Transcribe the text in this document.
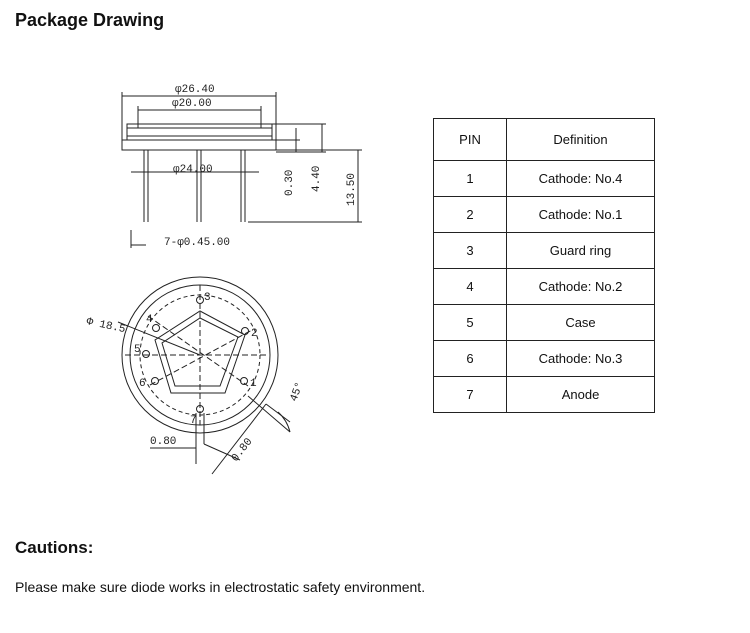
Package Drawing
φ26.40
φ20.00
φ24.00
7-φ0.45.00
0.30 4.40 13.50
Φ 18.5
0.80	0.80
45°
1
2
3
4
5
6
7
PIN	Definition
1	Cathode: No.4
2	Cathode: No.1
3	Guard ring
4	Cathode: No.2
5	Case
6	Cathode: No.3
7	Anode
Cautions:
Please make sure diode works in electrostatic safety environment.
